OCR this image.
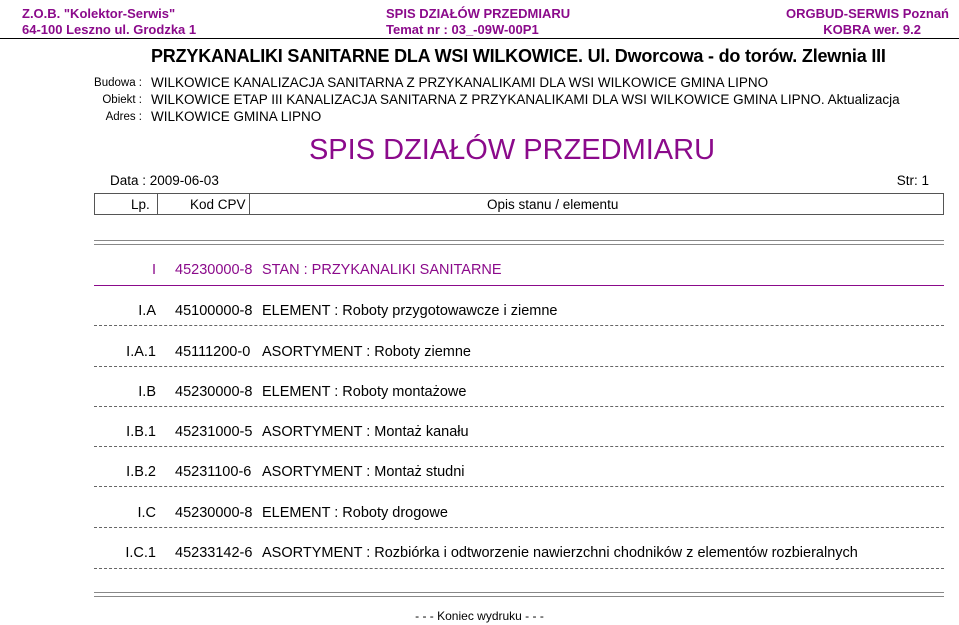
Z.O.B. "Kolektor-Serwis"
64-100 Leszno ul. Grodzka 1
SPIS DZIAŁÓW PRZEDMIARU
Temat nr : 03_-09W-00P1
ORGBUD-SERWIS Poznań
KOBRA wer. 9.2
PRZYKANALIKI SANITARNE DLA WSI WILKOWICE. Ul. Dworcowa - do torów. Zlewnia III
Budowa : WILKOWICE KANALIZACJA SANITARNA Z PRZYKANALIKAMI DLA WSI WILKOWICE GMINA LIPNO
Obiekt : WILKOWICE ETAP III KANALIZACJA SANITARNA Z PRZYKANALIKAMI DLA WSI WILKOWICE GMINA LIPNO. Aktualizacja
Adres : WILKOWICE GMINA LIPNO
SPIS DZIAŁÓW PRZEDMIARU
Data : 2009-06-03	Str: 1
Lp.	Kod CPV	Opis stanu / elementu
I 45230000-8 STAN : PRZYKANALIKI SANITARNE
I.A 45100000-8 ELEMENT : Roboty przygotowawcze i ziemne
I.A.1 45111200-0 ASORTYMENT : Roboty ziemne
I.B 45230000-8 ELEMENT : Roboty montażowe
I.B.1 45231000-5 ASORTYMENT : Montaż kanału
I.B.2 45231100-6 ASORTYMENT : Montaż studni
I.C 45230000-8 ELEMENT : Roboty drogowe
I.C.1 45233142-6 ASORTYMENT : Rozbiórka i odtworzenie nawierzchni chodników z elementów rozbieralnych
- - - Koniec wydruku - - -
